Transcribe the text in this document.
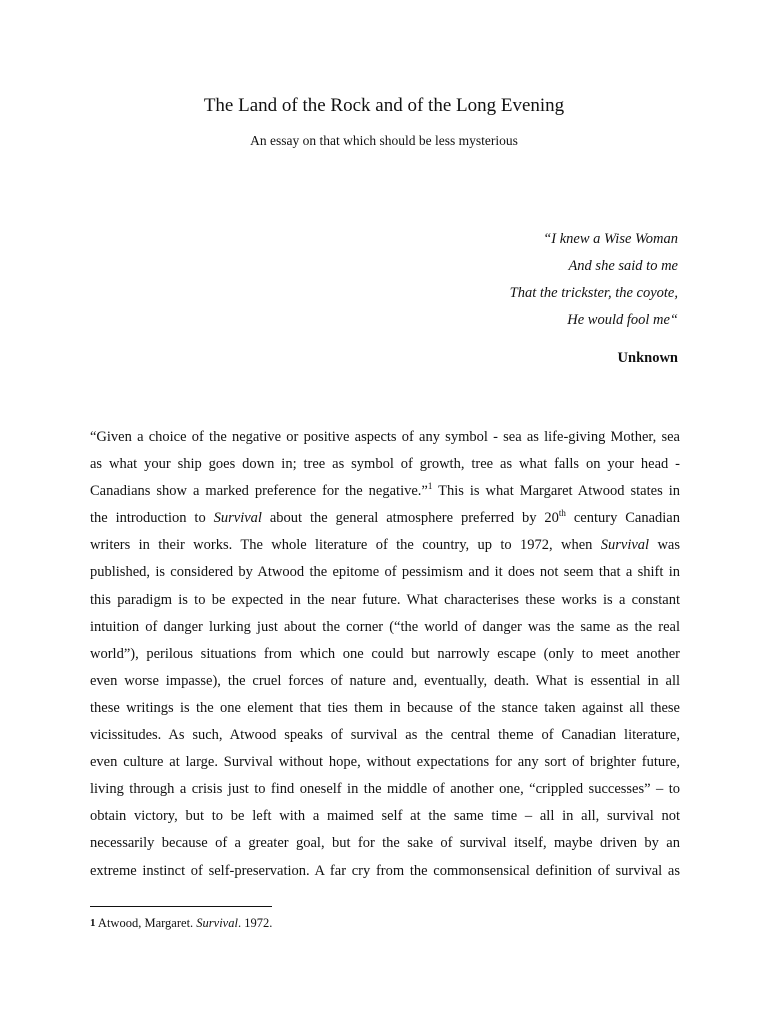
The Land of the Rock and of the Long Evening
An essay on that which should be less mysterious
“I knew a Wise Woman
And she said to me
That the trickster, the coyote,
He would fool me“
Unknown
“Given a choice of the negative or positive aspects of any symbol - sea as life-giving Mother, sea
as what your ship goes down in; tree as symbol of growth, tree as what falls on your head -
Canadians show a marked preference for the negative.”$^1$ This is what Margaret Atwood states in
the introduction to Survival about the general atmosphere preferred by 20th century Canadian
writers in their works. The whole literature of the country, up to 1972, when Survival was
published, is considered by Atwood the epitome of pessimism and it does not seem that a shift in
this paradigm is to be expected in the near future. What characterises these works is a constant
intuition of danger lurking just about the corner (“the world of danger was the same as the real
world”), perilous situations from which one could but narrowly escape (only to meet another
even worse impasse), the cruel forces of nature and, eventually, death. What is essential in all
these writings is the one element that ties them in because of the stance taken against all these
vicissitudes. As such, Atwood speaks of survival as the central theme of Canadian literature,
even culture at large. Survival without hope, without expectations for any sort of brighter future,
living through a crisis just to find oneself in the middle of another one, “crippled successes” – to
obtain victory, but to be left with a maimed self at the same time – all in all, survival not
necessarily because of a greater goal, but for the sake of survival itself, maybe driven by an
extreme instinct of self-preservation. A far cry from the commonsensical definition of survival as
1 Atwood, Margaret. Survival. 1972.
